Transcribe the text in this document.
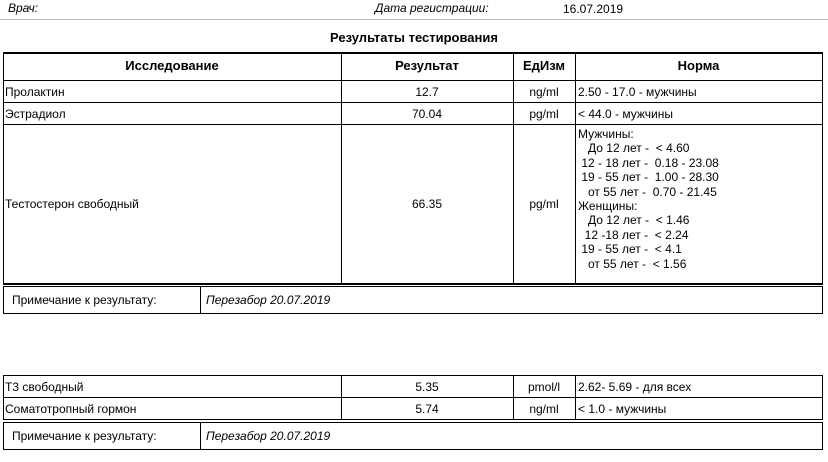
Врач:	Дата регистрации:	16.07.2019
Результаты тестирования
Исследование	Результат	ЕдИзм	Норма
Пролактин	12.7	ng/ml	2.50 - 17.0 - мужчины
Эстрадиол	70.04	pg/ml	< 44.0 - мужчины
Тестостерон свободный	66.35	pg/ml
Мужчины:
До 12 лет -  < 4.60
12 - 18 лет -  0.18 - 23.08
19 - 55 лет -  1.00 - 28.30
от 55 лет -  0.70 - 21.45
Женщины:
До 12 лет -  < 1.46
12 -18 лет -  < 2.24
19 - 55 лет -  < 4.1
от 55 лет -  < 1.56
Примечание к результату:	Перезабор 20.07.2019
Т3 свободный	5.35	pmol/l	2.62- 5.69 - для всех
Соматотропный гормон	5.74	ng/ml	< 1.0 - мужчины
Примечание к результату:	Перезабор 20.07.2019
